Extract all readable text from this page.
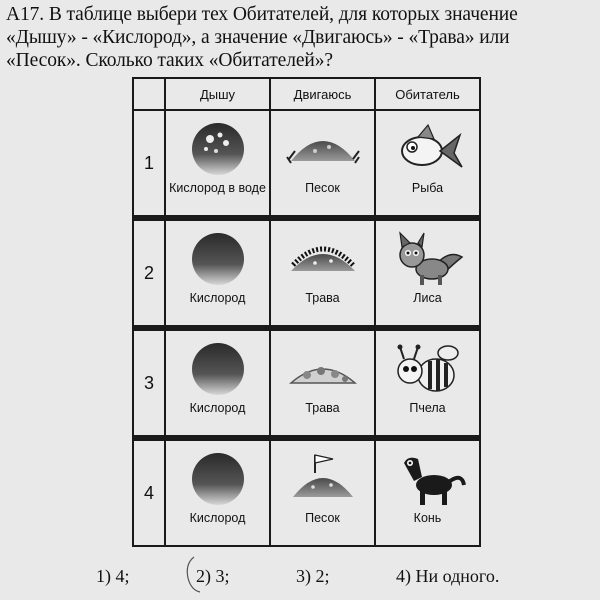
А17. В таблице выбери тех Обитателей, для которых значение
«Дышу» - «Кислород», а значение «Двигаюсь» - «Трава» или
«Песок». Сколько таких «Обитателей»?
	Дышу	Двигаюсь	Обитатель
1	Кислород в воде	Песок	Рыба

2	Кислород	Трава	Лиса

3	Кислород	Трава	Пчела

4	Кислород	Песок	Конь
1) 4;	2) 3;	3) 2;	4) Ни одного.
